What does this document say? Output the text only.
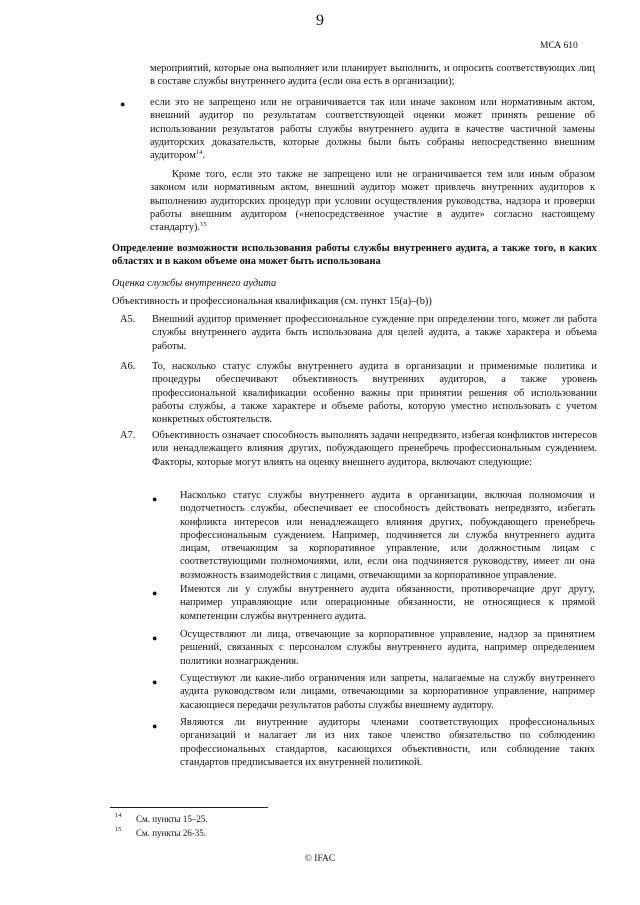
9
МСА 610
мероприятий, которые она выполняет или планирует выполнить, и опросить соответствующих лиц в составе службы внутреннего аудита (если она есть в организации);
● если это не запрещено или не ограничивается так или иначе законом или нормативным актом, внешний аудитор по результатам соответствующей оценки может принять решение об использовании результатов работы службы внутреннего аудита в качестве частичной замены аудиторских доказательств, которые должны были быть собраны непосредственно внешним аудитором$^{14}$.
Кроме того, если это также не запрещено или не ограничивается тем или иным образом законом или нормативным актом, внешний аудитор может привлечь внутренних аудиторов к выполнению аудиторских процедур при условии осуществления руководства, надзора и проверки работы внешним аудитором («непосредственное участие в аудите» согласно настоящему стандарту).$^{15}$
Определение возможности использования работы службы внутреннего аудита, а также того, в каких областях и в каком объеме она может быть использована
Оценка службы внутреннего аудита
Объективность и профессиональная квалификация (см. пункт 15(a)–(b))
A5. Внешний аудитор применяет профессиональное суждение при определении того, может ли работа службы внутреннего аудита быть использована для целей аудита, а также характера и объема работы.
A6. То, насколько статус службы внутреннего аудита в организации и применимые политика и процедуры обеспечивают объективность внутренних аудиторов, а также уровень профессиональной квалификации особенно важны при принятии решения об использовании работы службы, а также характере и объеме работы, которую уместно использовать с учетом конкретных обстоятельств.
A7. Объективность означает способность выполнять задачи непредвзято, избегая конфликтов интересов или ненадлежащего влияния других, побуждающего пренебречь профессиональным суждением. Факторы, которые могут влиять на оценку внешнего аудитора, включают следующие:
● Насколько статус службы внутреннего аудита в организации, включая полномочия и подотчетность службы, обеспечивает ее способность действовать непредвзято, избегать конфликта интересов или ненадлежащего влияния других, побуждающего пренебречь профессиональным суждением. Например, подчиняется ли служба внутреннего аудита лицам, отвечающим за корпоративное управление, или должностным лицам с соответствующими полномочиями, или, если она подчиняется руководству, имеет ли она возможность взаимодействия с лицами, отвечающими за корпоративное управление.
● Имеются ли у службы внутреннего аудита обязанности, противоречащие друг другу, например управляющие или операционные обязанности, не относящиеся к прямой компетенции службы внутреннего аудита.
● Осуществляют ли лица, отвечающие за корпоративное управление, надзор за принятием решений, связанных с персоналом службы внутреннего аудита, например определением политики вознаграждения.
● Существуют ли какие-либо ограничения или запреты, налагаемые на службу внутреннего аудита руководством или лицами, отвечающими за корпоративное управление, например касающиеся передачи результатов работы службы внешнему аудитору.
● Являются ли внутренние аудиторы членами соответствующих профессиональных организаций и налагает ли из них такое членство обязательство по соблюдению профессиональных стандартов, касающихся объективности, или соблюдение таких стандартов предписывается их внутренней политикой.
14 См. пункты 15–25.
15 См. пункты 26-35.
© IFAC
